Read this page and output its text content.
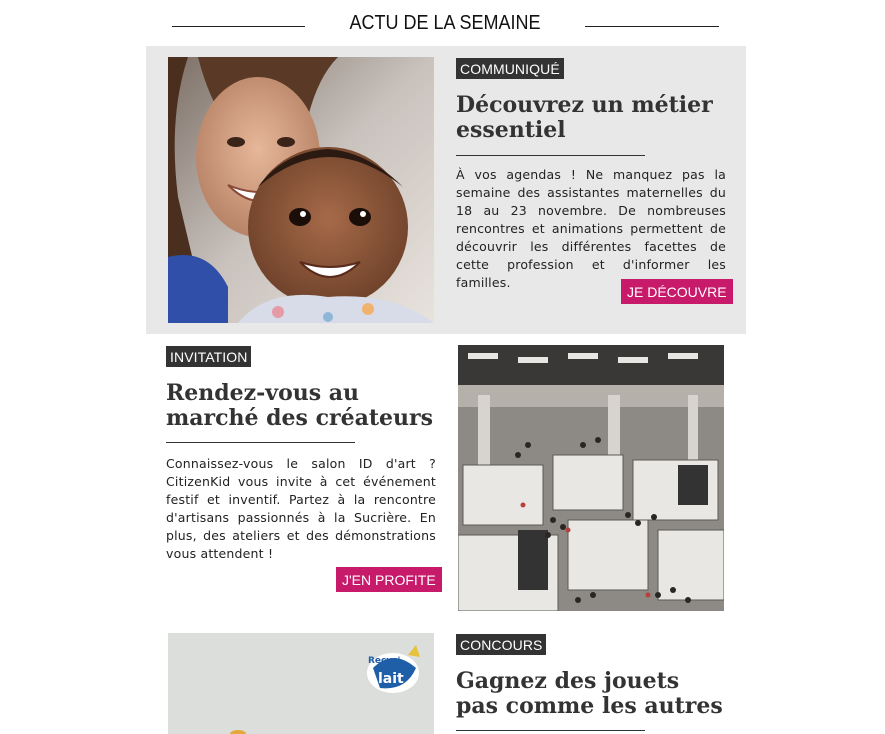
ACTU DE LA SEMAINE
COMMUNIQUÉ
Découvrez un métier essentiel

À vos agendas ! Ne manquez pas la semaine des assistantes maternelles du 18 au 23 novembre. De nombreuses rencontres et animations permettent de découvrir les différentes facettes de cette profession et d'informer les familles.

JE DÉCOUVRE
INVITATION
Rendez-vous au marché des créateurs

Connaissez-vous le salon ID d'art ? CitizenKid vous invite à cet événement festif et inventif. Partez à la rencontre d'artisans passionnés à la Sucrière. En plus, des ateliers et des démonstrations vous attendent !

J'EN PROFITE
Recyc'
lait
CONCOURS
Gagnez des jouets pas comme les autres
